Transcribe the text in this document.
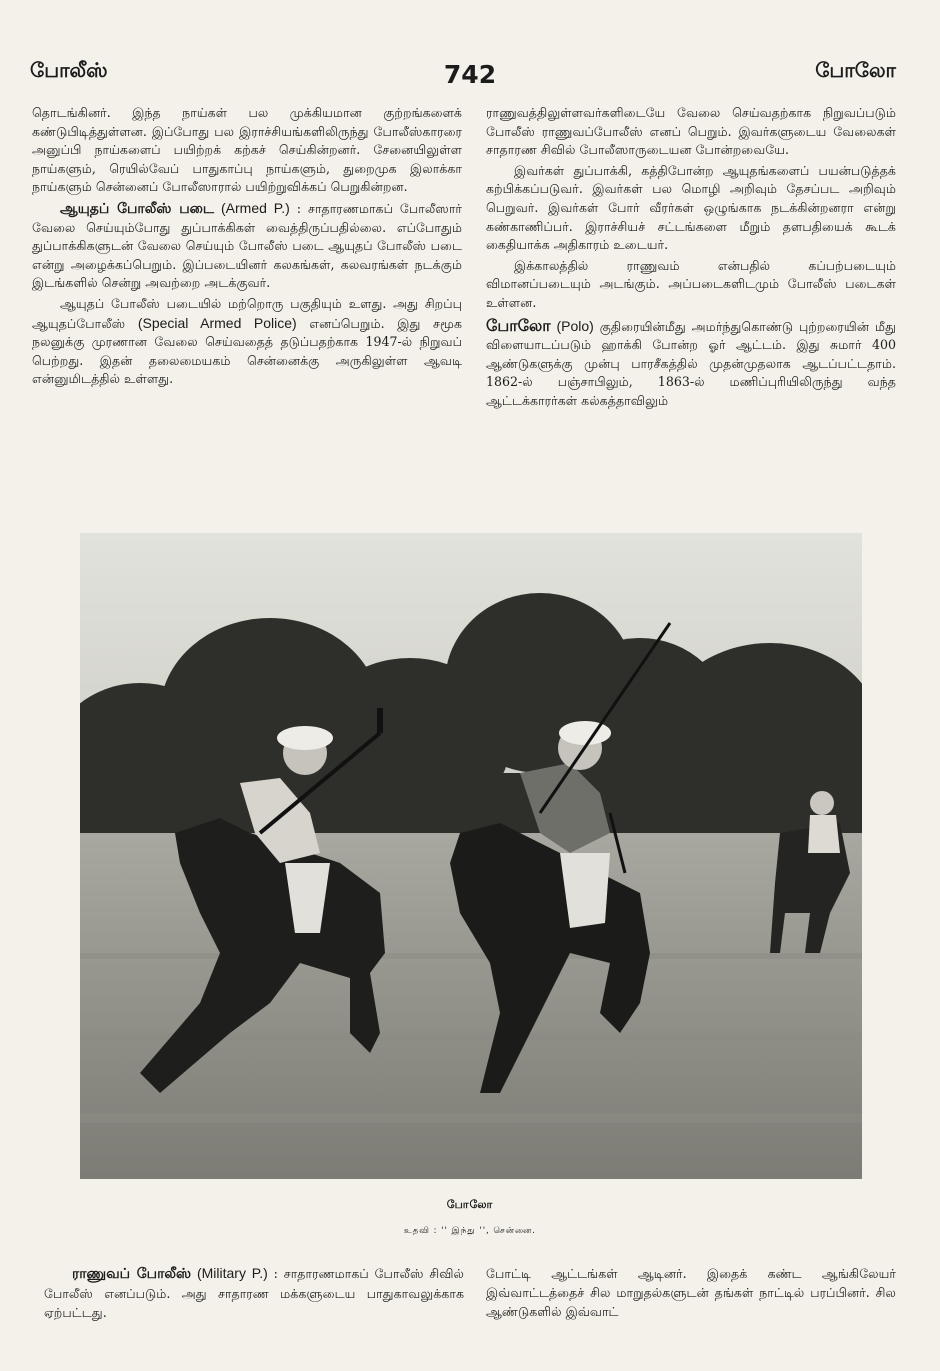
போலீஸ்	742	போலோ

தொடங்கினர். இந்த நாய்கள் பல முக்கியமான குற்றங்களைக் கண்டுபிடித்துள்ளன. இப்போது பல இராச்சியங்களிலிருந்து போலீஸ்காரரை அனுப்பி நாய்களைப் பயிற்றக் கற்கச் செய்கின்றனர். சேனையிலுள்ள நாய்களும், ரெயில்வேப் பாதுகாப்பு நாய்களும், துறைமுக இலாக்கா நாய்களும் சென்னைப் போலீஸாரால் பயிற்றுவிக்கப் பெறுகின்றன.

ஆயுதப் போலீஸ் படை (Armed P.) : சாதாரணமாகப் போலீஸார் வேலை செய்யும்போது துப்பாக்கிகள் வைத்திருப்பதில்லை. எப்போதும் துப்பாக்கிகளுடன் வேலை செய்யும் போலீஸ் படை ஆயுதப் போலீஸ் படை என்று அழைக்கப்பெறும். இப்படையினர் கலகங்கள், கலவரங்கள் நடக்கும் இடங்களில் சென்று அவற்றை அடக்குவர்.

ஆயுதப் போலீஸ் படையில் மற்றொரு பகுதியும் உளது. அது சிறப்பு ஆயுதப்போலீஸ் (Special Armed Police) எனப்பெறும். இது சமூக நலனுக்கு முரணான வேலை செய்வதைத் தடுப்பதற்காக 1947-ல் நிறுவப் பெற்றது. இதன் தலைமையகம் சென்னைக்கு அருகிலுள்ள ஆவடி என்னுமிடத்தில் உள்ளது.

ராணுவத்திலுள்ளவர்களிடையே வேலை செய்வதற்காக நிறுவப்படும் போலீஸ் ராணுவப்போலீஸ் எனப் பெறும். இவர்களுடைய வேலைகள் சாதாரண சிவில் போலீஸாருடையன போன்றவையே.

இவர்கள் துப்பாக்கி, கத்திபோன்ற ஆயுதங்களைப் பயன்படுத்தக் கற்பிக்கப்படுவர். இவர்கள் பல மொழி அறிவும் தேசப்பட அறிவும் பெறுவர். இவர்கள் போர் வீரர்கள் ஒழுங்காக நடக்கின்றனரா என்று கண்காணிப்பர். இராச்சியச் சட்டங்களை மீறும் தளபதியைக் கூடக் கைதியாக்க அதிகாரம் உடையர்.

இக்காலத்தில் ராணுவம் என்பதில் கப்பற்படையும் விமானப்படையும் அடங்கும். அப்படைகளிடமும் போலீஸ் படைகள் உள்ளன.

போலோ (Polo) குதிரையின்மீது அமர்ந்துகொண்டு புற்றரையின் மீது விளையாடப்படும் ஹாக்கி போன்ற ஓர் ஆட்டம். இது சுமார் 400 ஆண்டுகளுக்கு முன்பு பாரசீகத்தில் முதன்முதலாக ஆடப்பட்டதாம். 1862-ல் பஞ்சாபிலும், 1863-ல் மணிப்புரியிலிருந்து வந்த ஆட்டக்காரர்கள் கல்கத்தாவிலும்

போலோ
உதவி : '' இந்து '', சென்னை.

ராணுவப் போலீஸ் (Military P.) : சாதாரணமாகப் போலீஸ் சிவில் போலீஸ் எனப்படும். அது சாதாரண மக்களுடைய பாதுகாவலுக்காக ஏற்பட்டது.

போட்டி ஆட்டங்கள் ஆடினர். இதைக் கண்ட ஆங்கிலேயர் இவ்வாட்டத்தைச் சில மாறுதல்களுடன் தங்கள் நாட்டில் பரப்பினர். சில ஆண்டுகளில் இவ்வாட்
